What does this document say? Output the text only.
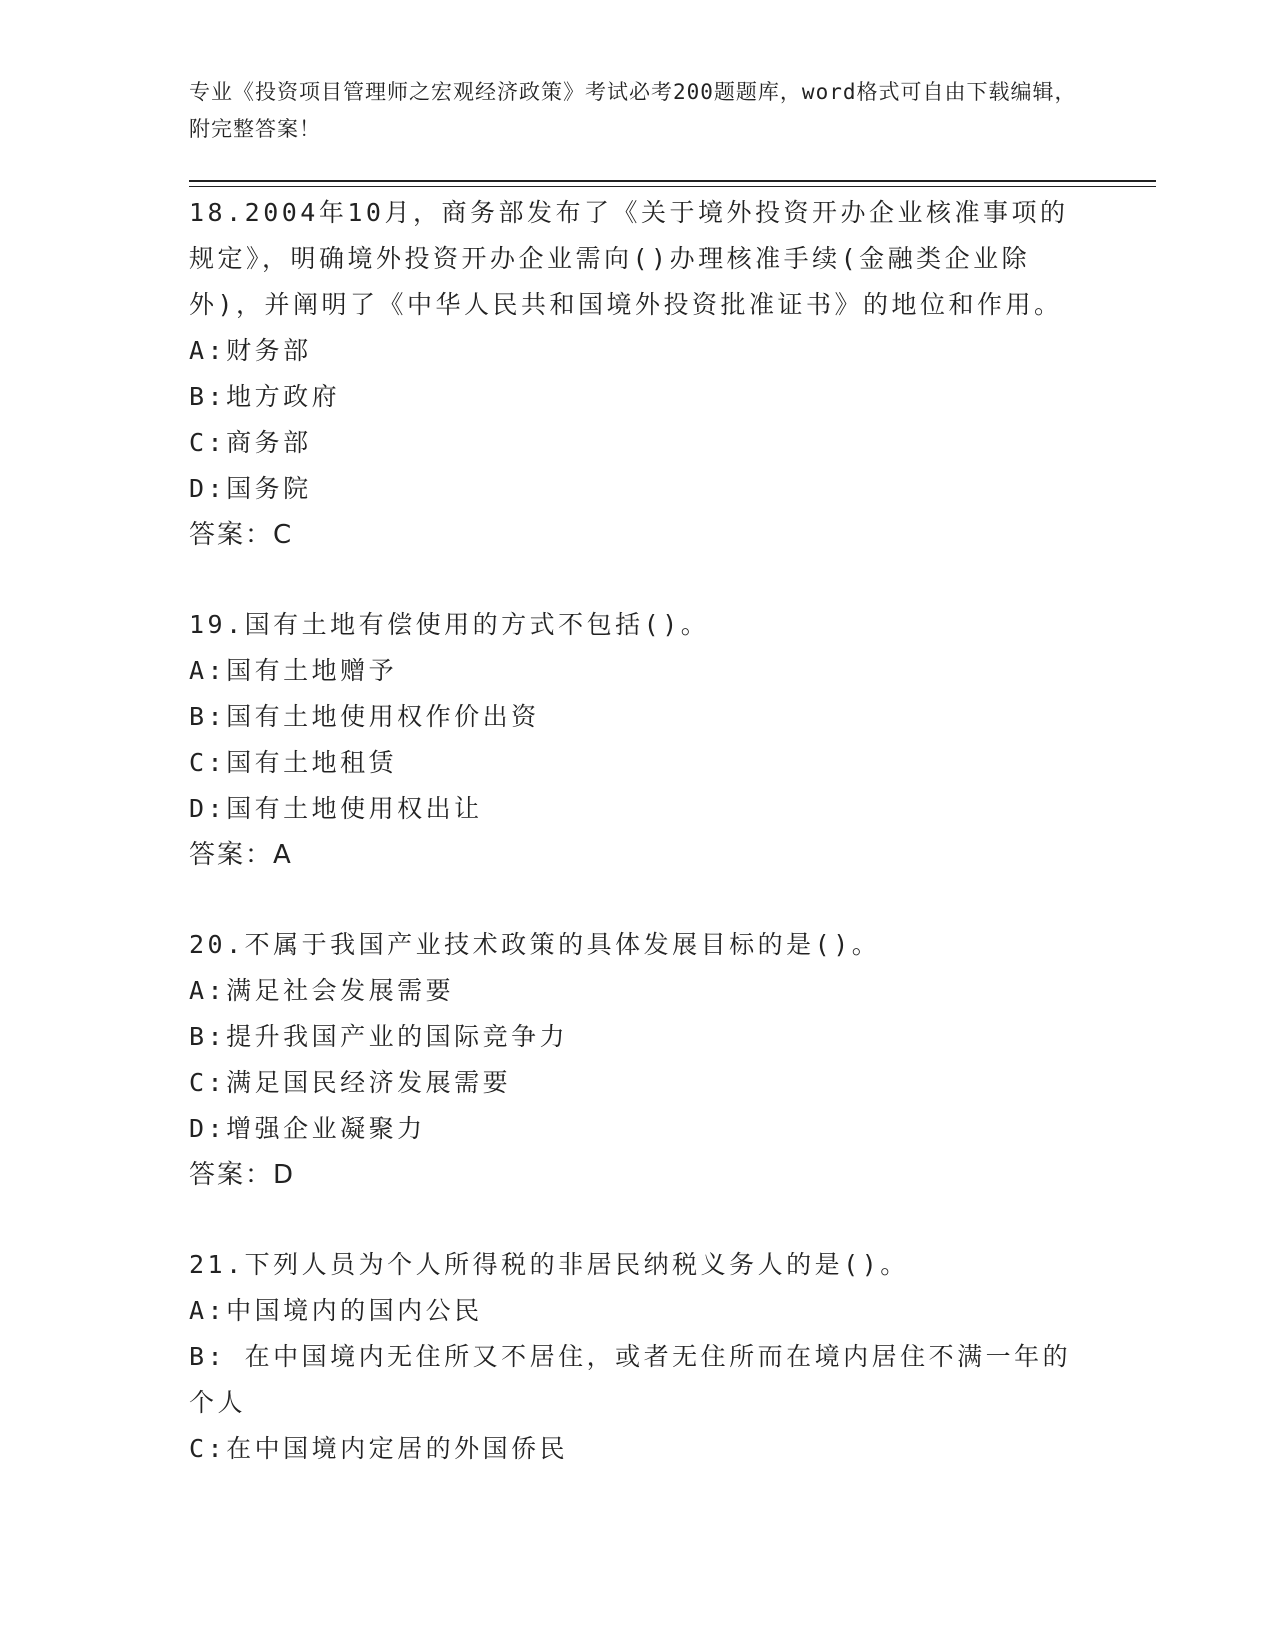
专业《投资项目管理师之宏观经济政策》考试必考200题题库，word格式可自由下载编辑，附完整答案！

18.2004年10月，商务部发布了《关于境外投资开办企业核准事项的规定》，明确境外投资开办企业需向()办理核准手续(金融类企业除外)，并阐明了《中华人民共和国境外投资批准证书》的地位和作用。

A: 财务部

B: 地方政府

C: 商务部

D: 国务院

答案：C

19.国有土地有偿使用的方式不包括()。

A: 国有土地赠予

B: 国有土地使用权作价出资

C: 国有土地租赁

D: 国有土地使用权出让

答案：A

20.不属于我国产业技术政策的具体发展目标的是()。

A: 满足社会发展需要

B: 提升我国产业的国际竞争力

C: 满足国民经济发展需要

D: 增强企业凝聚力

答案：D

21.下列人员为个人所得税的非居民纳税义务人的是()。

A: 中国境内的国内公民

B: 在中国境内无住所又不居住，或者无住所而在境内居住不满一年的个人

C: 在中国境内定居的外国侨民
